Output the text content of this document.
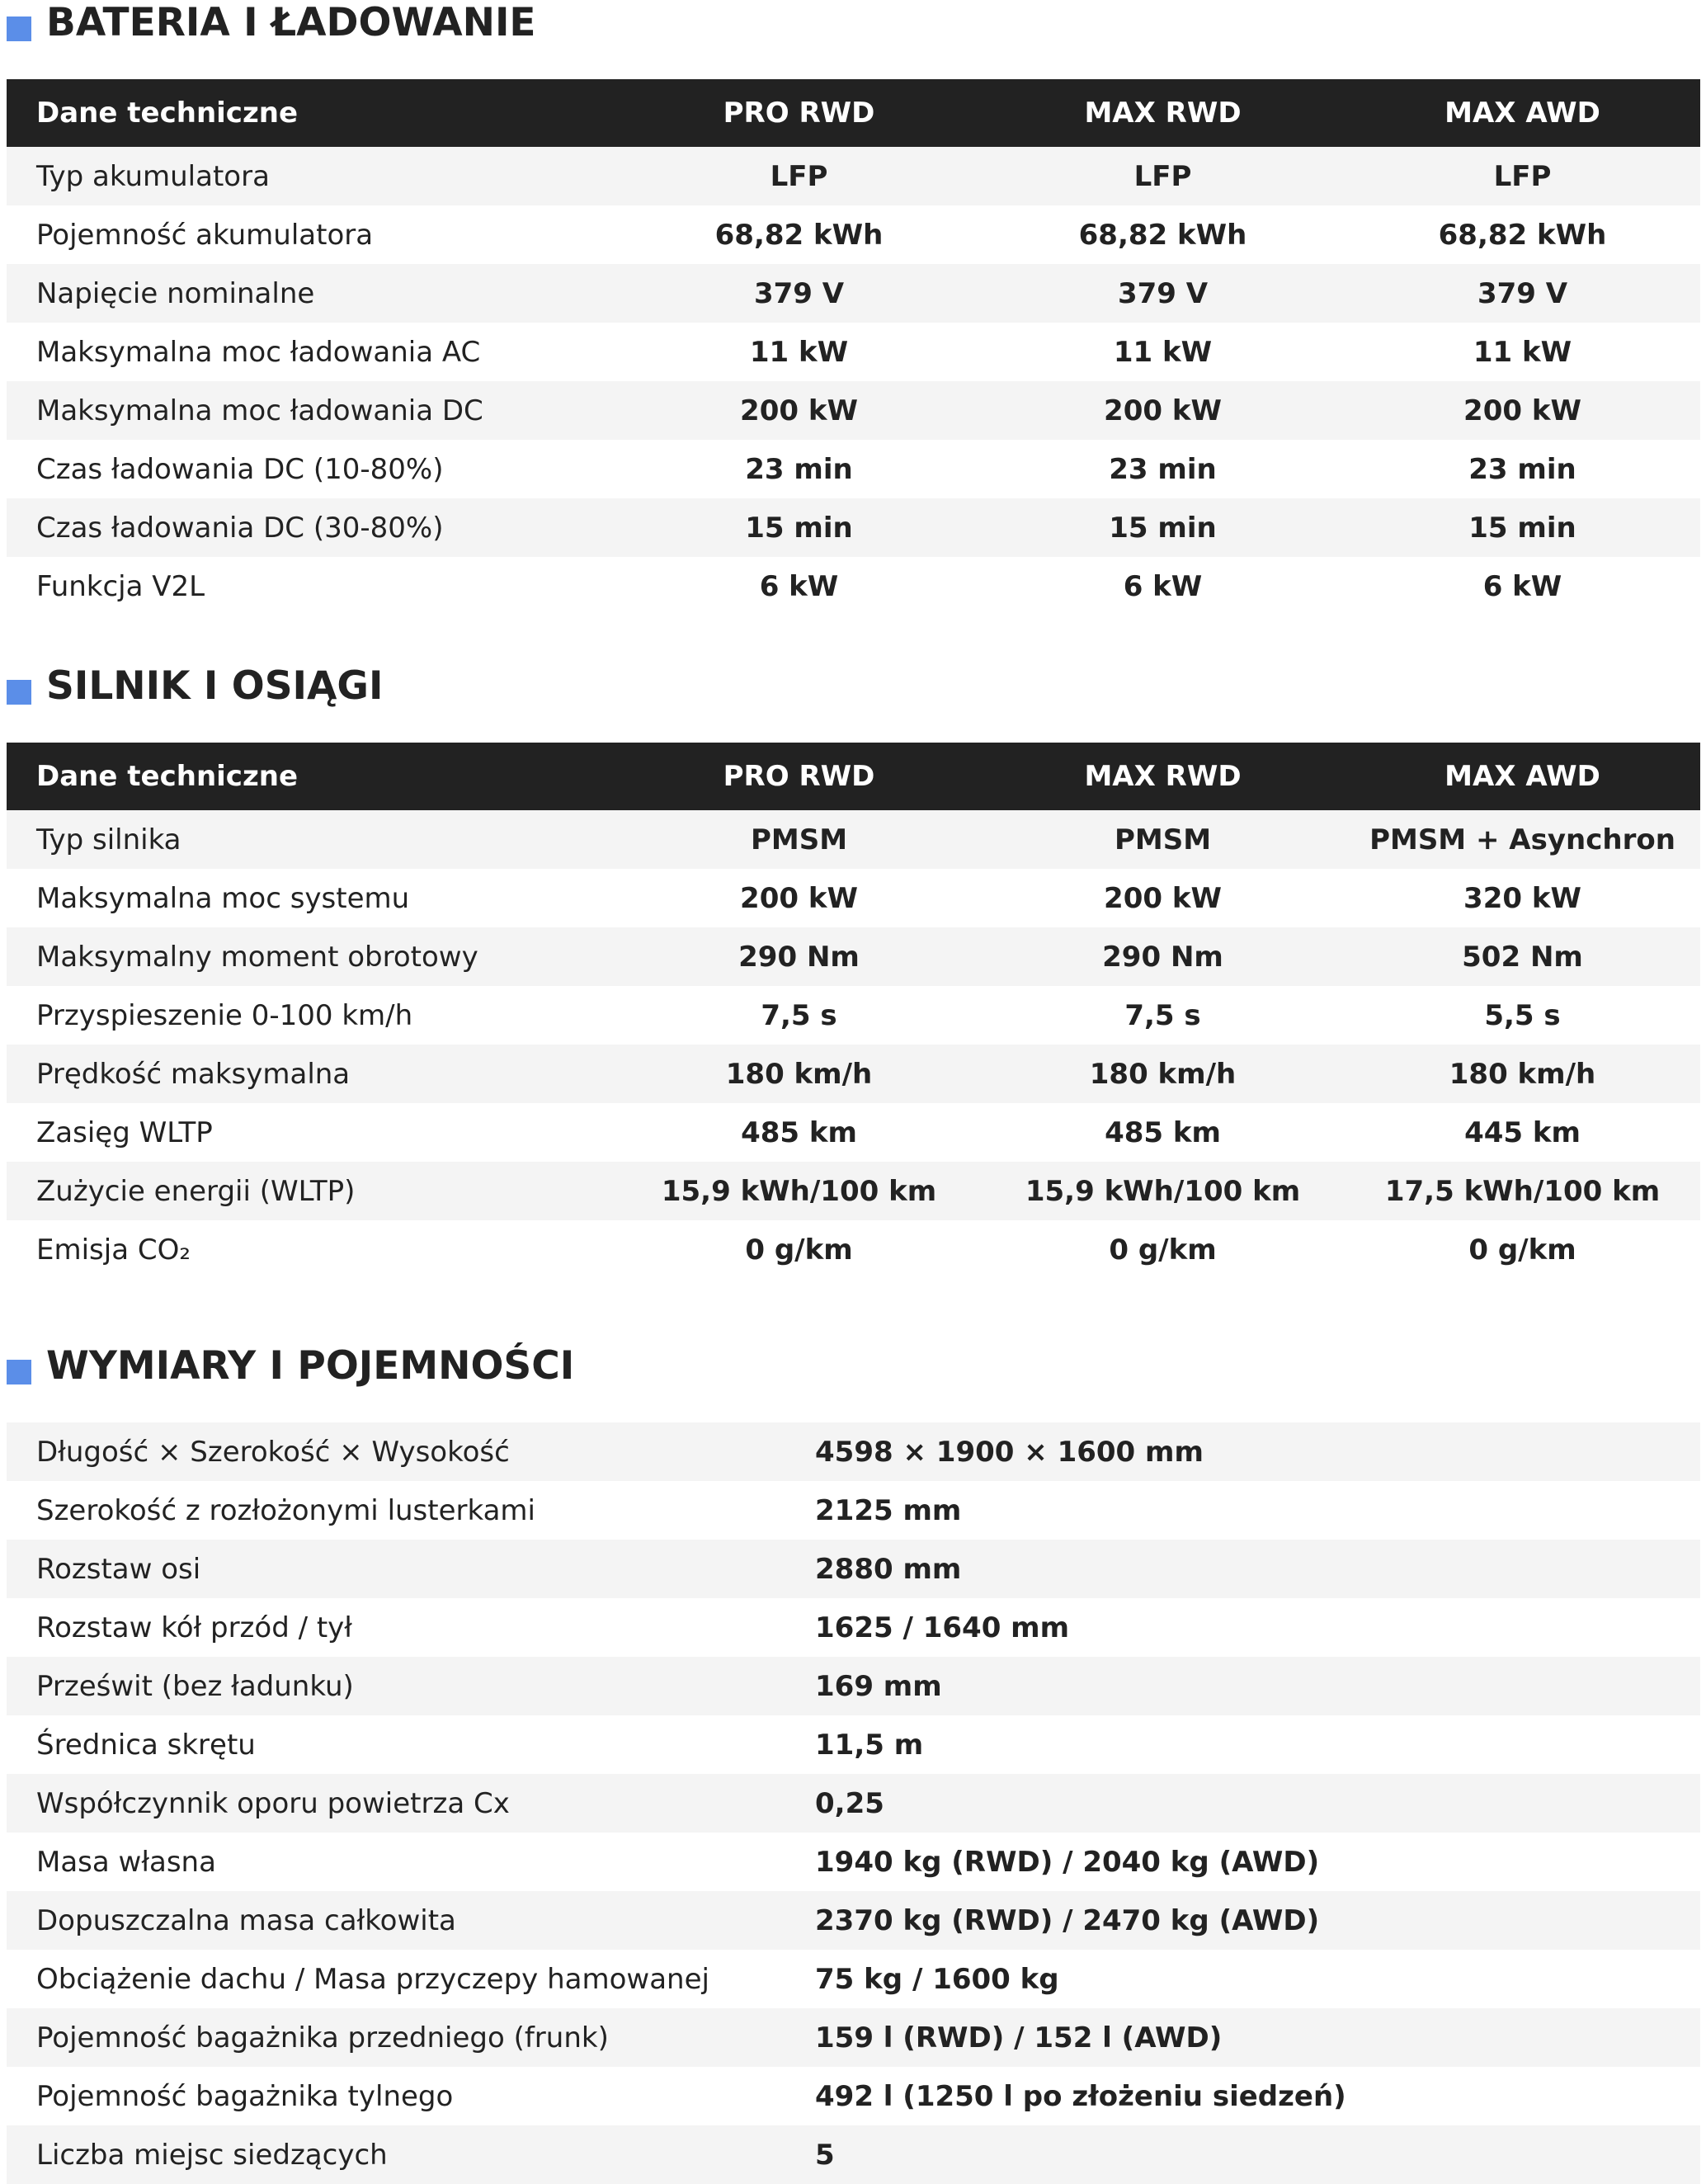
BATERIA I ŁADOWANIE
Dane techniczne	PRO RWD	MAX RWD	MAX AWD
Typ akumulatora	LFP	LFP	LFP
Pojemność akumulatora	68,82 kWh	68,82 kWh	68,82 kWh
Napięcie nominalne	379 V	379 V	379 V
Maksymalna moc ładowania AC	11 kW	11 kW	11 kW
Maksymalna moc ładowania DC	200 kW	200 kW	200 kW
Czas ładowania DC (10-80%)	23 min	23 min	23 min
Czas ładowania DC (30-80%)	15 min	15 min	15 min
Funkcja V2L	6 kW	6 kW	6 kW
SILNIK I OSIĄGI
Dane techniczne	PRO RWD	MAX RWD	MAX AWD
Typ silnika	PMSM	PMSM	PMSM + Asynchron
Maksymalna moc systemu	200 kW	200 kW	320 kW
Maksymalny moment obrotowy	290 Nm	290 Nm	502 Nm
Przyspieszenie 0-100 km/h	7,5 s	7,5 s	5,5 s
Prędkość maksymalna	180 km/h	180 km/h	180 km/h
Zasięg WLTP	485 km	485 km	445 km
Zużycie energii (WLTP)	15,9 kWh/100 km	15,9 kWh/100 km	17,5 kWh/100 km
Emisja CO₂	0 g/km	0 g/km	0 g/km
WYMIARY I POJEMNOŚCI
Długość × Szerokość × Wysokość	4598 × 1900 × 1600 mm
Szerokość z rozłożonymi lusterkami	2125 mm
Rozstaw osi	2880 mm
Rozstaw kół przód / tył	1625 / 1640 mm
Prześwit (bez ładunku)	169 mm
Średnica skrętu	11,5 m
Współczynnik oporu powietrza Cx	0,25
Masa własna	1940 kg (RWD) / 2040 kg (AWD)
Dopuszczalna masa całkowita	2370 kg (RWD) / 2470 kg (AWD)
Obciążenie dachu / Masa przyczepy hamowanej	75 kg / 1600 kg
Pojemność bagażnika przedniego (frunk)	159 l (RWD) / 152 l (AWD)
Pojemność bagażnika tylnego	492 l (1250 l po złożeniu siedzeń)
Liczba miejsc siedzących	5
